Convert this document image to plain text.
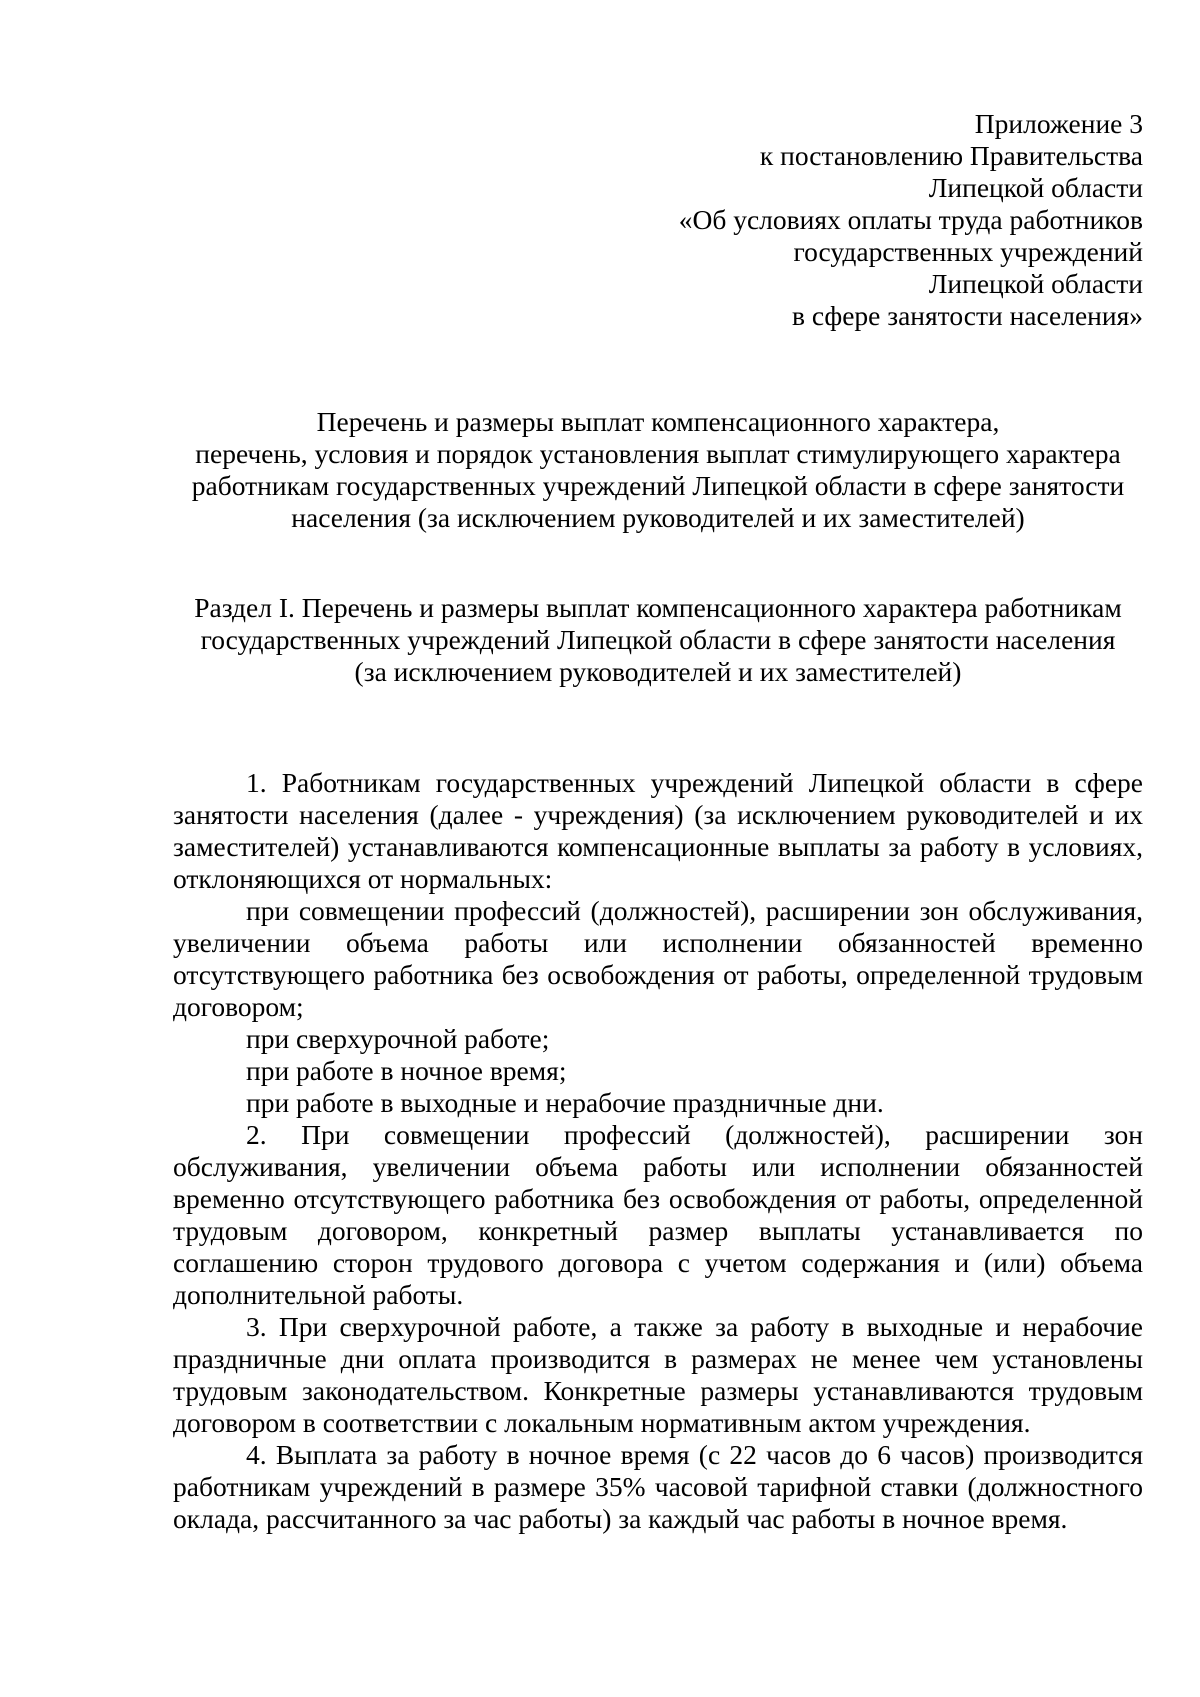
Приложение 3
к постановлению Правительства
Липецкой области
«Об условиях оплаты труда работников
государственных учреждений
Липецкой области
в сфере занятости населения»
Перечень и размеры выплат компенсационного характера,
перечень, условия и порядок установления выплат стимулирующего характера
работникам государственных учреждений Липецкой области в сфере занятости
населения (за исключением руководителей и их заместителей)
Раздел I. Перечень и размеры выплат компенсационного характера работникам
государственных учреждений Липецкой области в сфере занятости населения
(за исключением руководителей и их заместителей)

1. Работникам государственных учреждений Липецкой области в сфере занятости населения (далее - учреждения) (за исключением руководителей и их заместителей) устанавливаются компенсационные выплаты за работу в условиях, отклоняющихся от нормальных:

при совмещении профессий (должностей), расширении зон обслуживания, увеличении объема работы или исполнении обязанностей временно отсутствующего работника без освобождения от работы, определенной трудовым договором;

при сверхурочной работе;

при работе в ночное время;

при работе в выходные и нерабочие праздничные дни.

2. При совмещении профессий (должностей), расширении зон обслуживания, увеличении объема работы или исполнении обязанностей временно отсутствующего работника без освобождения от работы, определенной трудовым договором, конкретный размер выплаты устанавливается по соглашению сторон трудового договора с учетом содержания и (или) объема дополнительной работы.

3. При сверхурочной работе, а также за работу в выходные и нерабочие праздничные дни оплата производится в размерах не менее чем установлены трудовым законодательством. Конкретные размеры устанавливаются трудовым договором в соответствии с локальным нормативным актом учреждения.

4. Выплата за работу в ночное время (с 22 часов до 6 часов) производится работникам учреждений в размере 35% часовой тарифной ставки (должностного оклада, рассчитанного за час работы) за каждый час работы в ночное время.
